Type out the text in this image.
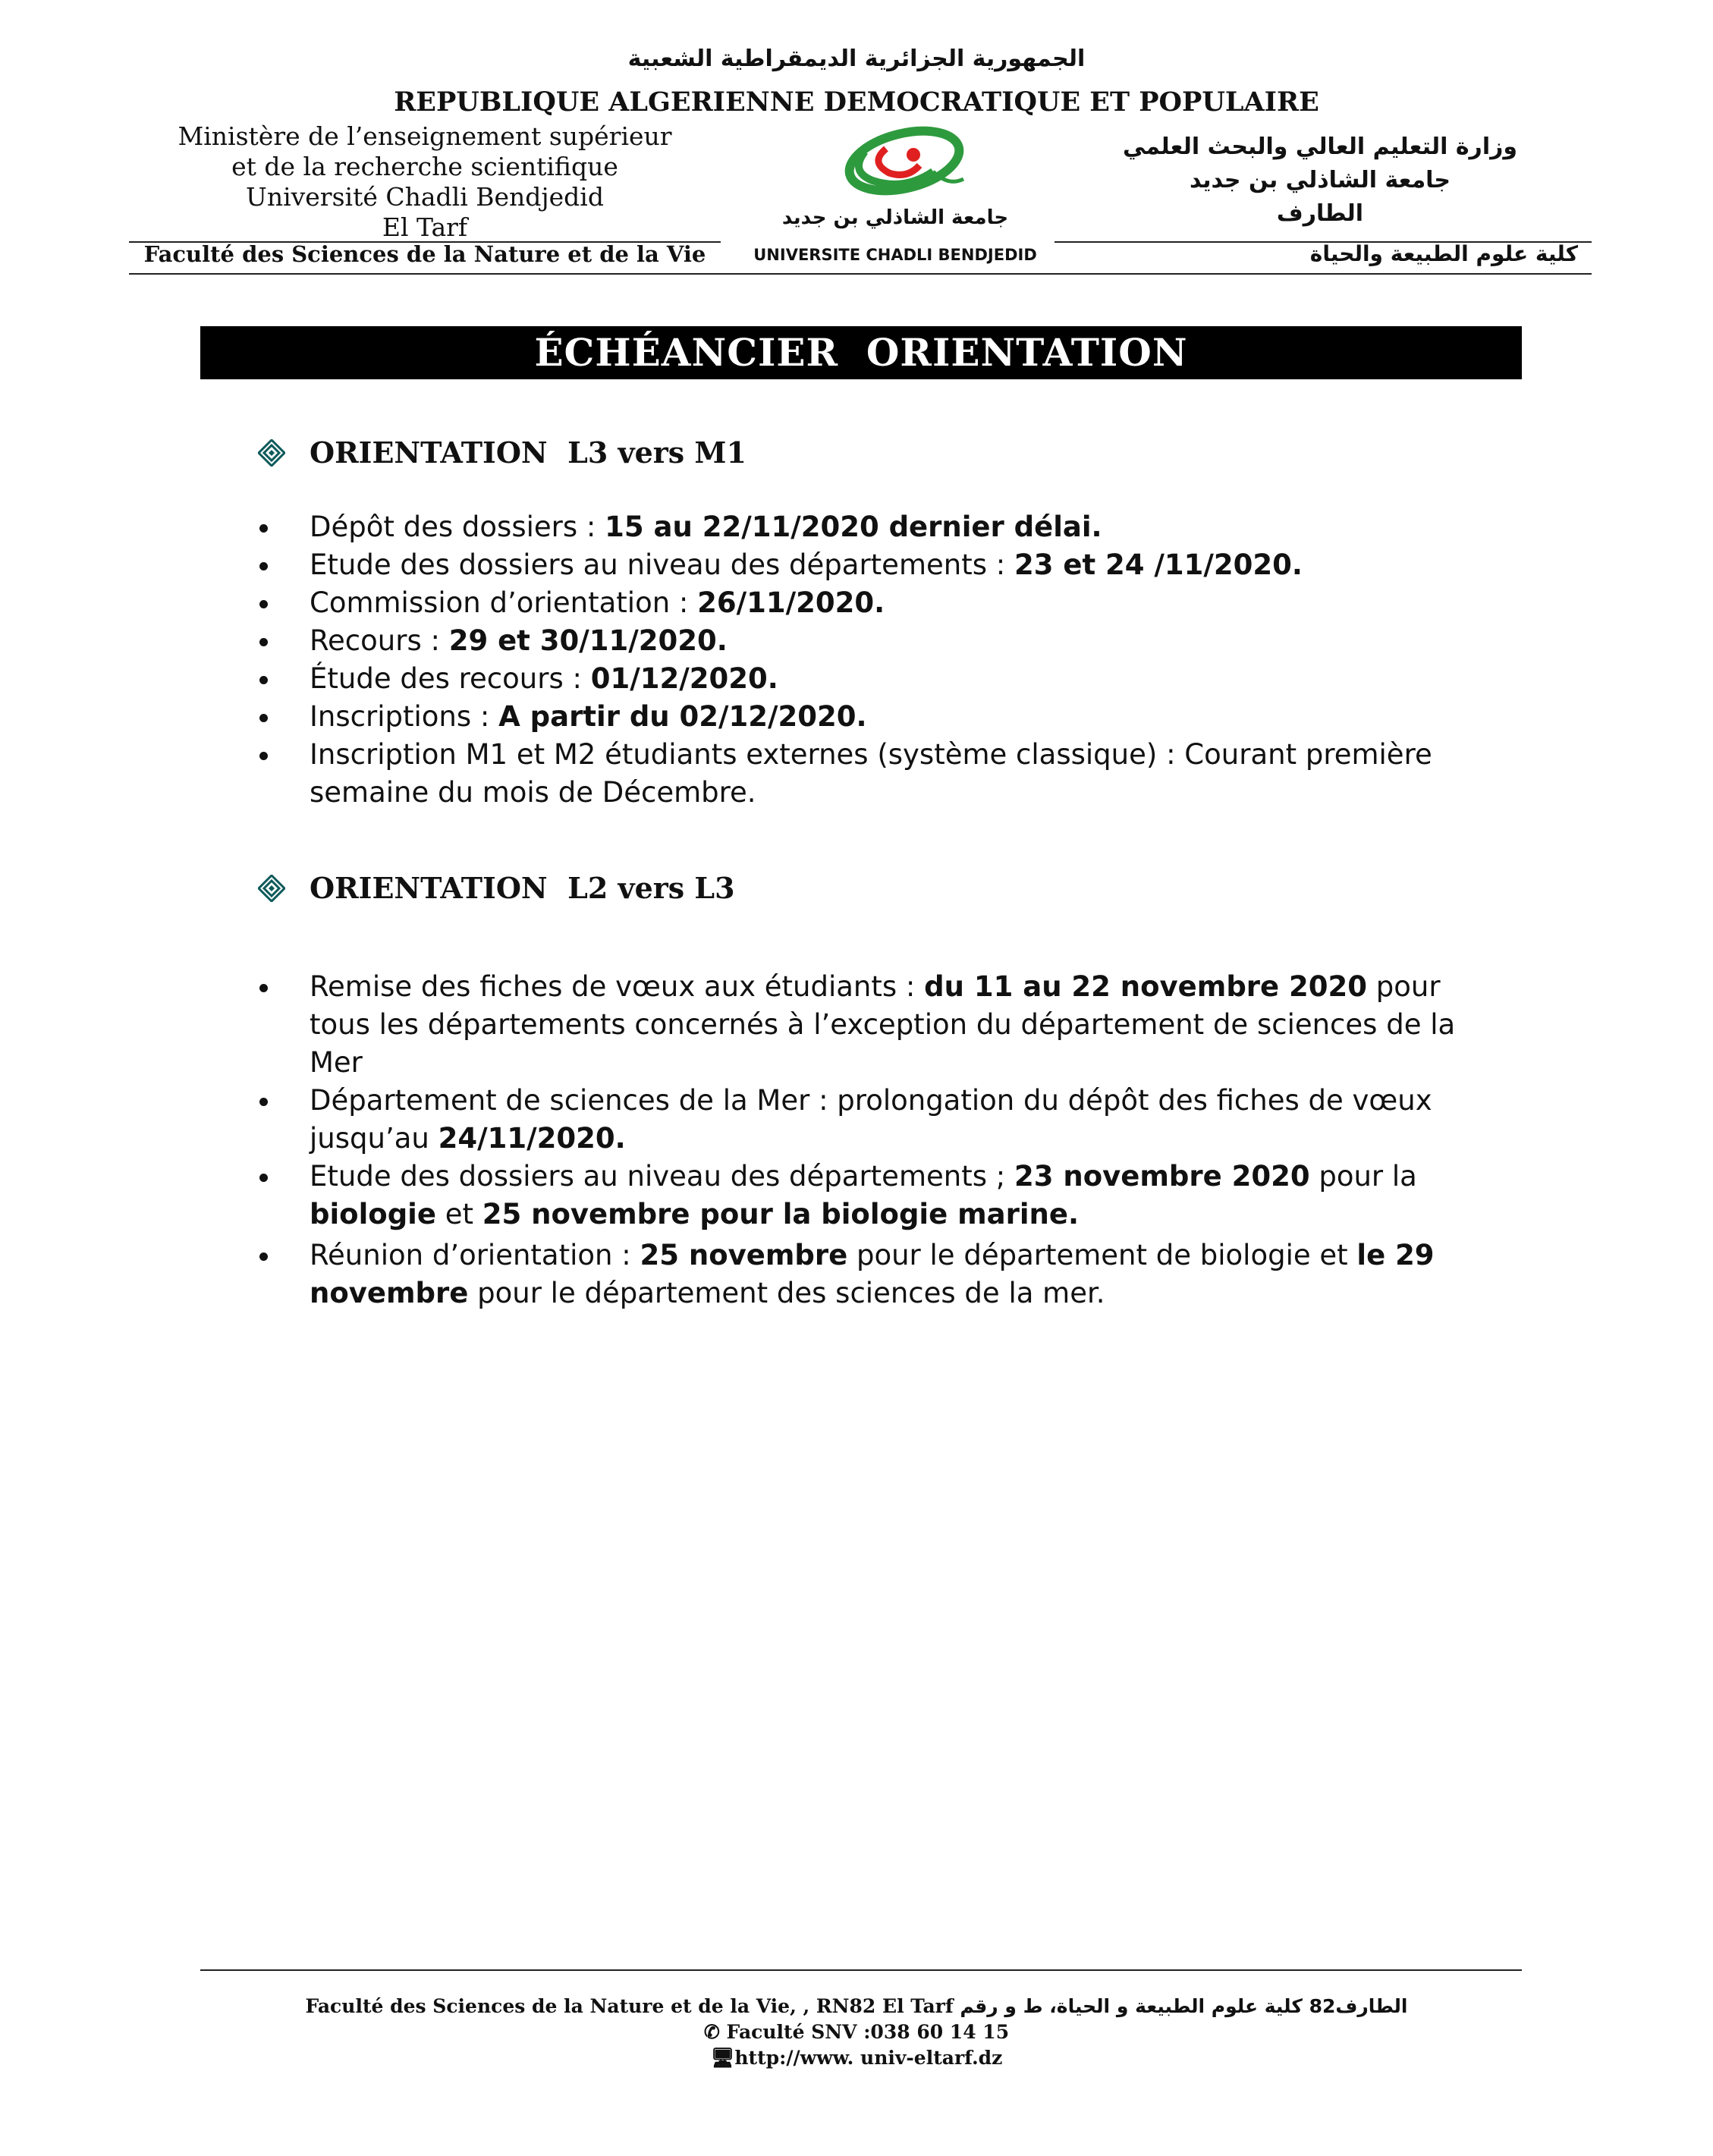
الجمهورية الجزائرية الديمقراطية الشعبية
REPUBLIQUE ALGERIENNE DEMOCRATIQUE ET POPULAIRE
Ministère de l’enseignement supérieur
et de la recherche scientifique
Université Chadli Bendjedid
El Tarf
وزارة التعليم العالي والبحث العلمي
جامعة الشاذلي بن جديد
الطارف
جامعة الشاذلي بن جديد
UNIVERSITE CHADLI BENDJEDID
Faculté des Sciences de la Nature et de la Vie	كلية علوم الطبيعة والحياة
ÉCHÉANCIER  ORIENTATION
ORIENTATION  L3 vers M1
Dépôt des dossiers : 15 au 22/11/2020 dernier délai.
Etude des dossiers au niveau des départements : 23 et 24 /11/2020.
Commission d’orientation : 26/11/2020.
Recours : 29 et 30/11/2020.
Étude des recours : 01/12/2020.
Inscriptions : A partir du 02/12/2020.
Inscription M1 et M2 étudiants externes (système classique) : Courant première semaine du mois de Décembre.
ORIENTATION  L2 vers L3
Remise des fiches de vœux aux étudiants : du 11 au 22 novembre 2020 pour tous les départements concernés à l’exception du département de sciences de la Mer
Département de sciences de la Mer : prolongation du dépôt des fiches de vœux jusqu’au 24/11/2020.
Etude des dossiers au niveau des départements ; 23 novembre 2020 pour la biologie et 25 novembre pour la biologie marine.
Réunion d’orientation : 25 novembre pour le département de biologie et le 29 novembre pour le département des sciences de la mer.
Faculté des Sciences de la Nature et de la Vie, , RN82 El Tarf الطارف82 كلية علوم الطبيعة و الحياة، ط و رقم
✆ Faculté SNV :038 60 14 15
🖥http://www. univ-eltarf.dz
